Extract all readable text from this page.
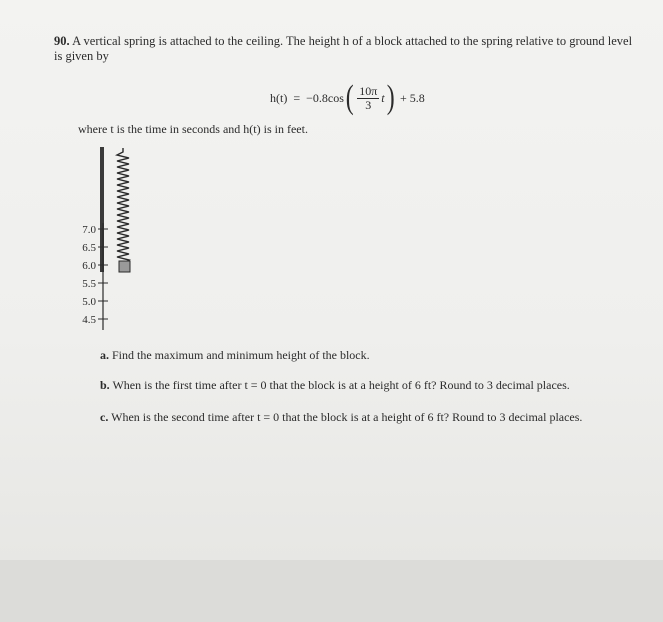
90. A vertical spring is attached to the ceiling. The height h of a block attached to the spring relative to ground level is given by
h(t) = −0.8cos ( $\frac{10\pi}{3}$ t ) + 5.8
where t is the time in seconds and h(t) is in feet.
7.0
6.5
6.0
5.5
5.0
4.5
a. Find the maximum and minimum height of the block.
b. When is the first time after t = 0 that the block is at a height of 6 ft? Round to 3 decimal places.
c. When is the second time after t = 0 that the block is at a height of 6 ft? Round to 3 decimal places.
